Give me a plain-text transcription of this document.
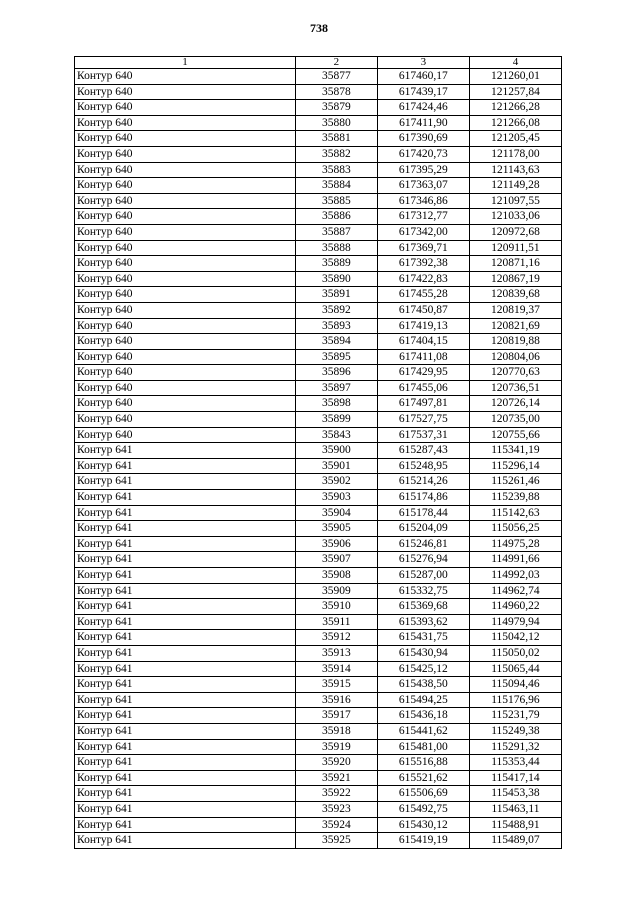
738
1	2	3	4
Контур 640	35877	617460,17	121260,01
Контур 640	35878	617439,17	121257,84
Контур 640	35879	617424,46	121266,28
Контур 640	35880	617411,90	121266,08
Контур 640	35881	617390,69	121205,45
Контур 640	35882	617420,73	121178,00
Контур 640	35883	617395,29	121143,63
Контур 640	35884	617363,07	121149,28
Контур 640	35885	617346,86	121097,55
Контур 640	35886	617312,77	121033,06
Контур 640	35887	617342,00	120972,68
Контур 640	35888	617369,71	120911,51
Контур 640	35889	617392,38	120871,16
Контур 640	35890	617422,83	120867,19
Контур 640	35891	617455,28	120839,68
Контур 640	35892	617450,87	120819,37
Контур 640	35893	617419,13	120821,69
Контур 640	35894	617404,15	120819,88
Контур 640	35895	617411,08	120804,06
Контур 640	35896	617429,95	120770,63
Контур 640	35897	617455,06	120736,51
Контур 640	35898	617497,81	120726,14
Контур 640	35899	617527,75	120735,00
Контур 640	35843	617537,31	120755,66
Контур 641	35900	615287,43	115341,19
Контур 641	35901	615248,95	115296,14
Контур 641	35902	615214,26	115261,46
Контур 641	35903	615174,86	115239,88
Контур 641	35904	615178,44	115142,63
Контур 641	35905	615204,09	115056,25
Контур 641	35906	615246,81	114975,28
Контур 641	35907	615276,94	114991,66
Контур 641	35908	615287,00	114992,03
Контур 641	35909	615332,75	114962,74
Контур 641	35910	615369,68	114960,22
Контур 641	35911	615393,62	114979,94
Контур 641	35912	615431,75	115042,12
Контур 641	35913	615430,94	115050,02
Контур 641	35914	615425,12	115065,44
Контур 641	35915	615438,50	115094,46
Контур 641	35916	615494,25	115176,96
Контур 641	35917	615436,18	115231,79
Контур 641	35918	615441,62	115249,38
Контур 641	35919	615481,00	115291,32
Контур 641	35920	615516,88	115353,44
Контур 641	35921	615521,62	115417,14
Контур 641	35922	615506,69	115453,38
Контур 641	35923	615492,75	115463,11
Контур 641	35924	615430,12	115488,91
Контур 641	35925	615419,19	115489,07
